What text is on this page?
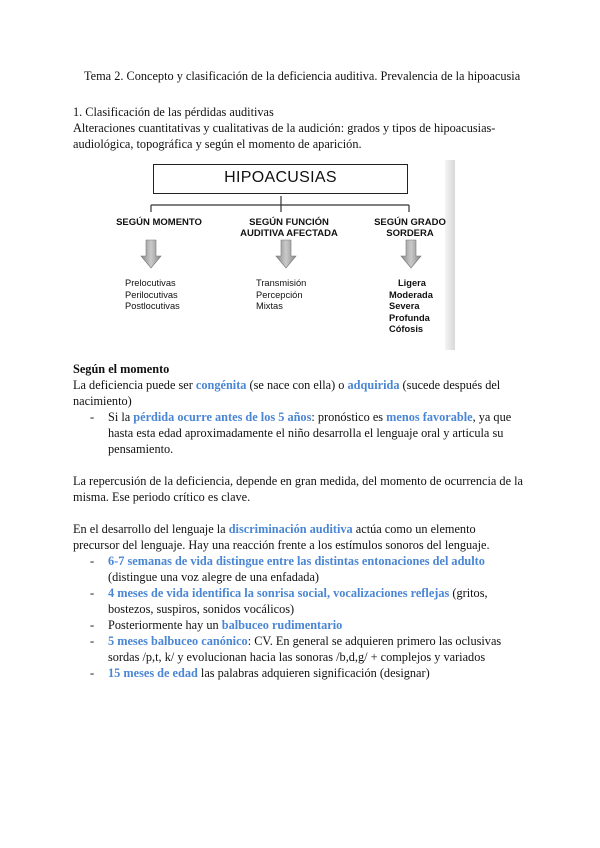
Tema 2. Concepto y clasificación de la deficiencia auditiva. Prevalencia de la hipoacusia
1. Clasificación de las pérdidas auditivas
Alteraciones cuantitativas y cualitativas de la audición: grados y tipos de hipoacusias-audiológica, topográfica y según el momento de aparición.
HIPOACUSIAS
SEGÚN MOMENTO	SEGÚN FUNCIÓN AUDITIVA AFECTADA
SEGÚN GRADO SORDERA
Prelocutivas
Perilocutivas
Postlocutivas
Transmisión
Percepción
Mixtas
Ligera
Moderada
Severa
Profunda
Cófosis
Según el momento
La deficiencia puede ser congénita (se nace con ella) o adquirida (sucede después del nacimiento)
- Si la pérdida ocurre antes de los 5 años: pronóstico es menos favorable, ya que hasta esta edad aproximadamente el niño desarrolla el lenguaje oral y articula su pensamiento.
La repercusión de la deficiencia, depende en gran medida, del momento de ocurrencia de la misma. Ese periodo crítico es clave.
En el desarrollo del lenguaje la discriminación auditiva actúa como un elemento precursor del lenguaje. Hay una reacción frente a los estímulos sonoros del lenguaje.
- 6-7 semanas de vida distingue entre las distintas entonaciones del adulto
(distingue una voz alegre de una enfadada)
- 4 meses de vida identifica la sonrisa social, vocalizaciones reflejas (gritos, bostezos, suspiros, sonidos vocálicos)
- Posteriormente hay un balbuceo rudimentario
- 5 meses balbuceo canónico: CV. En general se adquieren primero las oclusivas sordas /p,t, k/ y evolucionan hacia las sonoras /b,d,g/ + complejos y variados
- 15 meses de edad las palabras adquieren significación (designar)
